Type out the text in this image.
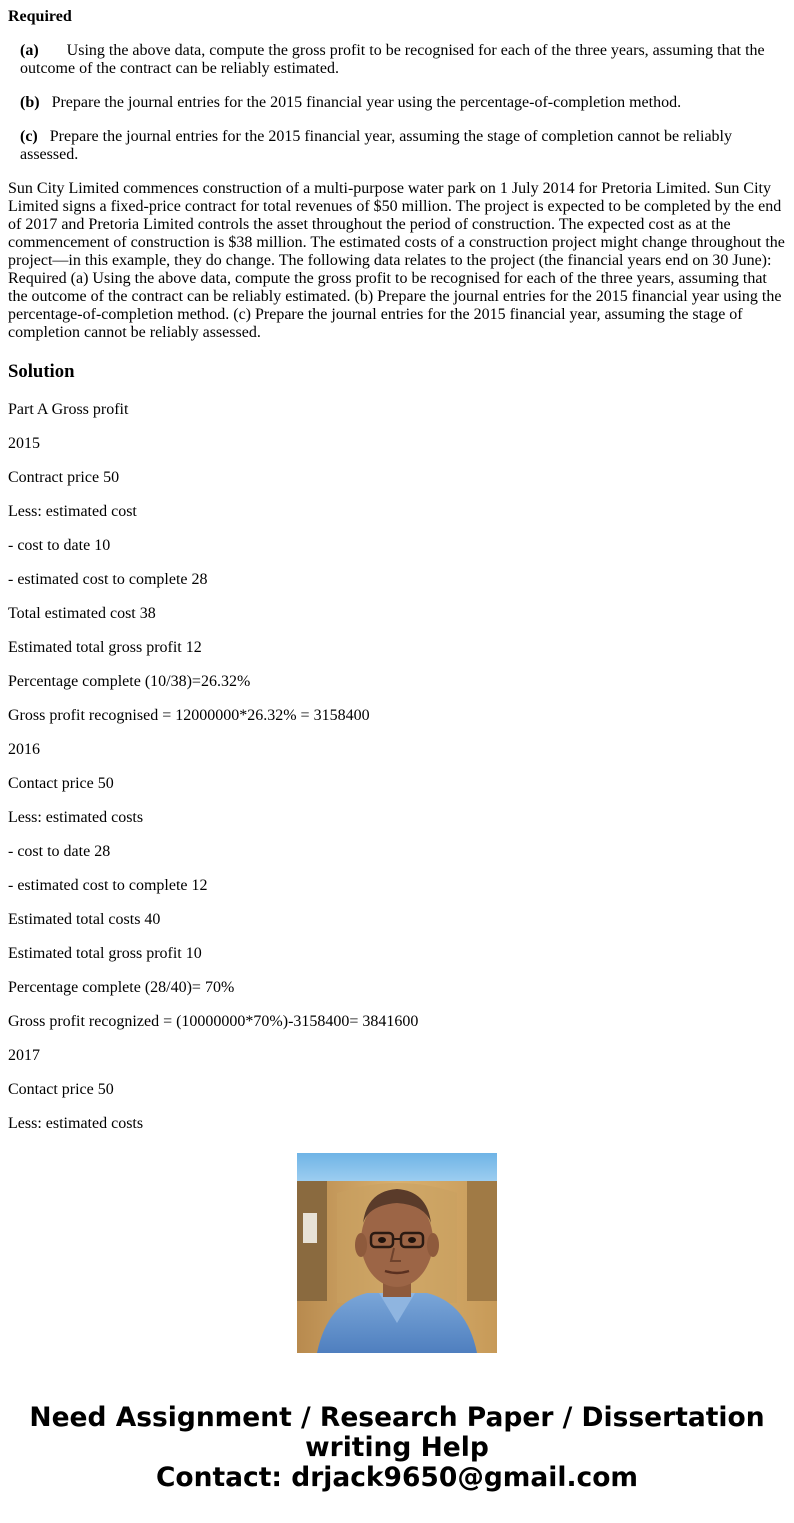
Required

(a) Using the above data, compute the gross profit to be recognised for each of the three years, assuming that the outcome of the contract can be reliably estimated.

(b) Prepare the journal entries for the 2015 financial year using the percentage-of-completion method.

(c) Prepare the journal entries for the 2015 financial year, assuming the stage of completion cannot be reliably assessed.

Sun City Limited commences construction of a multi-purpose water park on 1 July 2014 for Pretoria Limited. Sun City Limited signs a fixed-price contract for total revenues of $50 million. The project is expected to be completed by the end of 2017 and Pretoria Limited controls the asset throughout the period of construction. The expected cost as at the commencement of construction is $38 million. The estimated costs of a construction project might change throughout the project—in this example, they do change. The following data relates to the project (the financial years end on 30 June): Required (a) Using the above data, compute the gross profit to be recognised for each of the three years, assuming that the outcome of the contract can be reliably estimated. (b) Prepare the journal entries for the 2015 financial year using the percentage-of-completion method. (c) Prepare the journal entries for the 2015 financial year, assuming the stage of completion cannot be reliably assessed.

Solution

Part A Gross profit

2015

Contract price 50

Less: estimated cost

- cost to date 10

- estimated cost to complete 28

Total estimated cost 38

Estimated total gross profit 12

Percentage complete (10/38)=26.32%

Gross profit recognised = 12000000*26.32% = 3158400

2016

Contact price 50

Less: estimated costs

- cost to date 28

- estimated cost to complete 12

Estimated total costs 40

Estimated total gross profit 10

Percentage complete (28/40)= 70%

Gross profit recognized = (10000000*70%)-3158400= 3841600

2017

Contact price 50

Less: estimated costs

Need Assignment / Research Paper / Dissertation
writing Help
Contact: drjack9650@gmail.com
